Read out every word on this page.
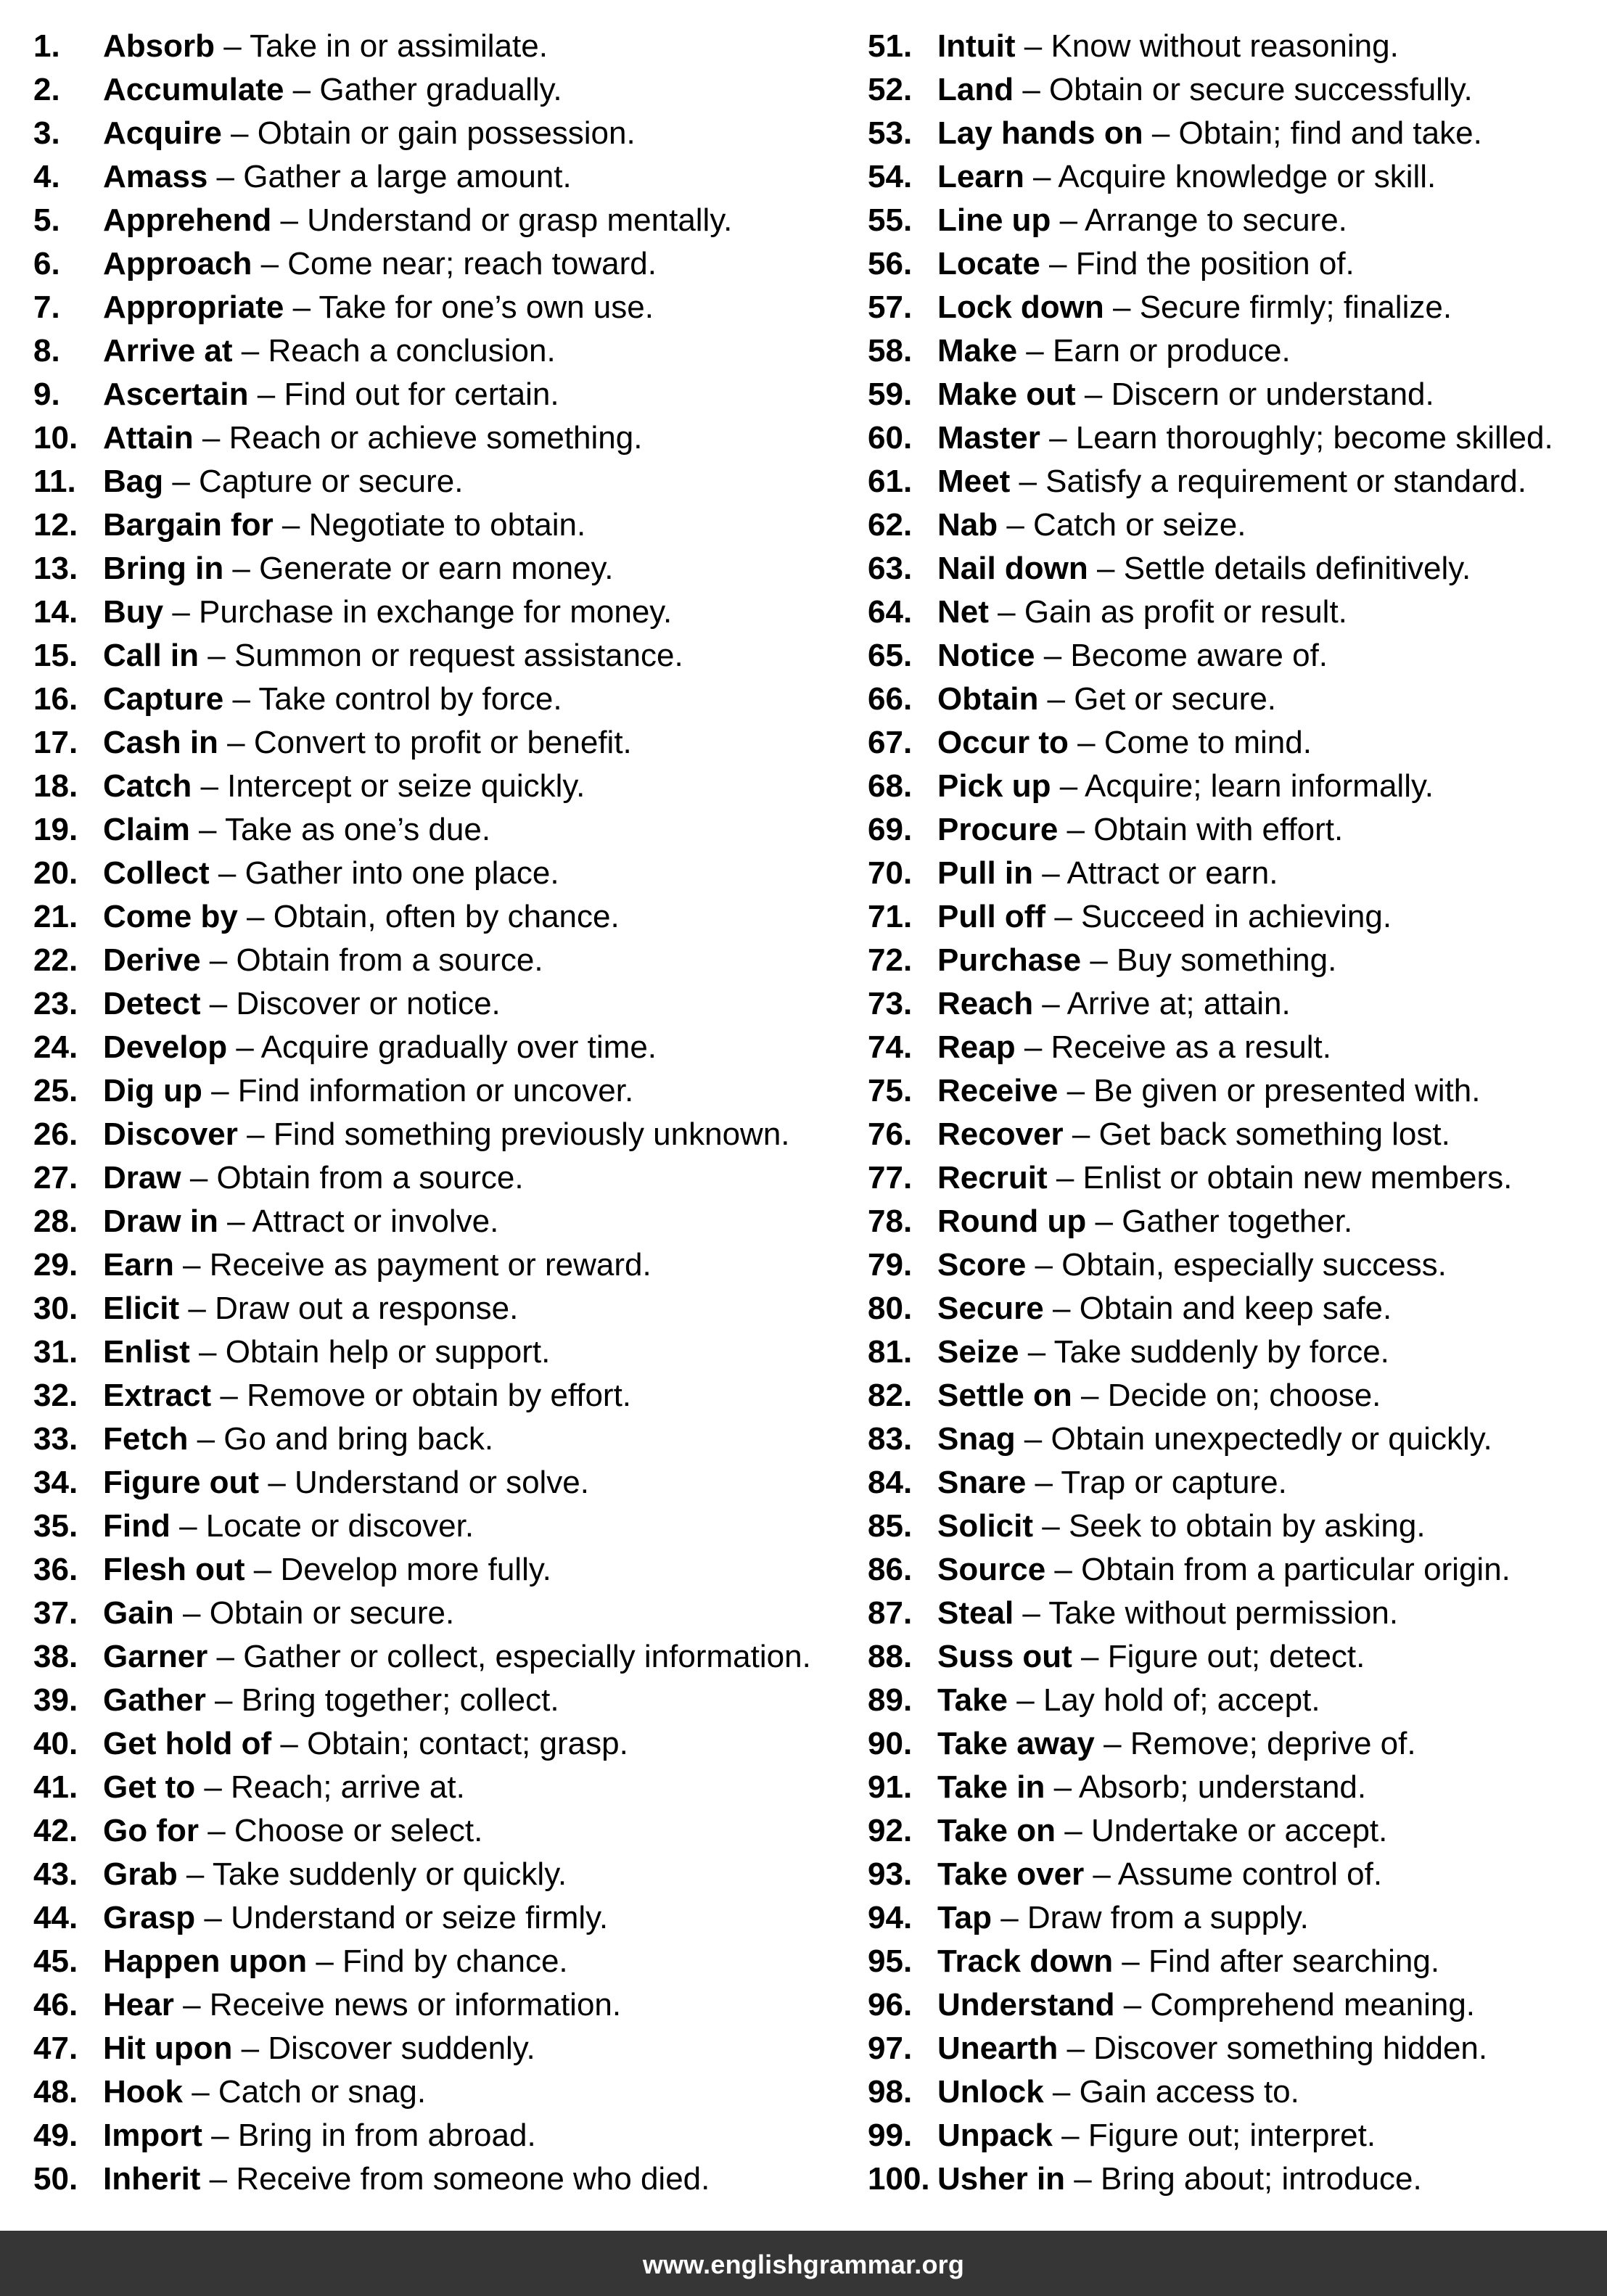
1. Absorb – Take in or assimilate.
2. Accumulate – Gather gradually.
3. Acquire – Obtain or gain possession.
4. Amass – Gather a large amount.
5. Apprehend – Understand or grasp mentally.
6. Approach – Come near; reach toward.
7. Appropriate – Take for one’s own use.
8. Arrive at – Reach a conclusion.
9. Ascertain – Find out for certain.
10. Attain – Reach or achieve something.
11. Bag – Capture or secure.
12. Bargain for – Negotiate to obtain.
13. Bring in – Generate or earn money.
14. Buy – Purchase in exchange for money.
15. Call in – Summon or request assistance.
16. Capture – Take control by force.
17. Cash in – Convert to profit or benefit.
18. Catch – Intercept or seize quickly.
19. Claim – Take as one’s due.
20. Collect – Gather into one place.
21. Come by – Obtain, often by chance.
22. Derive – Obtain from a source.
23. Detect – Discover or notice.
24. Develop – Acquire gradually over time.
25. Dig up – Find information or uncover.
26. Discover – Find something previously unknown.
27. Draw – Obtain from a source.
28. Draw in – Attract or involve.
29. Earn – Receive as payment or reward.
30. Elicit – Draw out a response.
31. Enlist – Obtain help or support.
32. Extract – Remove or obtain by effort.
33. Fetch – Go and bring back.
34. Figure out – Understand or solve.
35. Find – Locate or discover.
36. Flesh out – Develop more fully.
37. Gain – Obtain or secure.
38. Garner – Gather or collect, especially information.
39. Gather – Bring together; collect.
40. Get hold of – Obtain; contact; grasp.
41. Get to – Reach; arrive at.
42. Go for – Choose or select.
43. Grab – Take suddenly or quickly.
44. Grasp – Understand or seize firmly.
45. Happen upon – Find by chance.
46. Hear – Receive news or information.
47. Hit upon – Discover suddenly.
48. Hook – Catch or snag.
49. Import – Bring in from abroad.
50. Inherit – Receive from someone who died.
51. Intuit – Know without reasoning.
52. Land – Obtain or secure successfully.
53. Lay hands on – Obtain; find and take.
54. Learn – Acquire knowledge or skill.
55. Line up – Arrange to secure.
56. Locate – Find the position of.
57. Lock down – Secure firmly; finalize.
58. Make – Earn or produce.
59. Make out – Discern or understand.
60. Master – Learn thoroughly; become skilled.
61. Meet – Satisfy a requirement or standard.
62. Nab – Catch or seize.
63. Nail down – Settle details definitively.
64. Net – Gain as profit or result.
65. Notice – Become aware of.
66. Obtain – Get or secure.
67. Occur to – Come to mind.
68. Pick up – Acquire; learn informally.
69. Procure – Obtain with effort.
70. Pull in – Attract or earn.
71. Pull off – Succeed in achieving.
72. Purchase – Buy something.
73. Reach – Arrive at; attain.
74. Reap – Receive as a result.
75. Receive – Be given or presented with.
76. Recover – Get back something lost.
77. Recruit – Enlist or obtain new members.
78. Round up – Gather together.
79. Score – Obtain, especially success.
80. Secure – Obtain and keep safe.
81. Seize – Take suddenly by force.
82. Settle on – Decide on; choose.
83. Snag – Obtain unexpectedly or quickly.
84. Snare – Trap or capture.
85. Solicit – Seek to obtain by asking.
86. Source – Obtain from a particular origin.
87. Steal – Take without permission.
88. Suss out – Figure out; detect.
89. Take – Lay hold of; accept.
90. Take away – Remove; deprive of.
91. Take in – Absorb; understand.
92. Take on – Undertake or accept.
93. Take over – Assume control of.
94. Tap – Draw from a supply.
95. Track down – Find after searching.
96. Understand – Comprehend meaning.
97. Unearth – Discover something hidden.
98. Unlock – Gain access to.
99. Unpack – Figure out; interpret.
100. Usher in – Bring about; introduce.
www.englishgrammar.org
